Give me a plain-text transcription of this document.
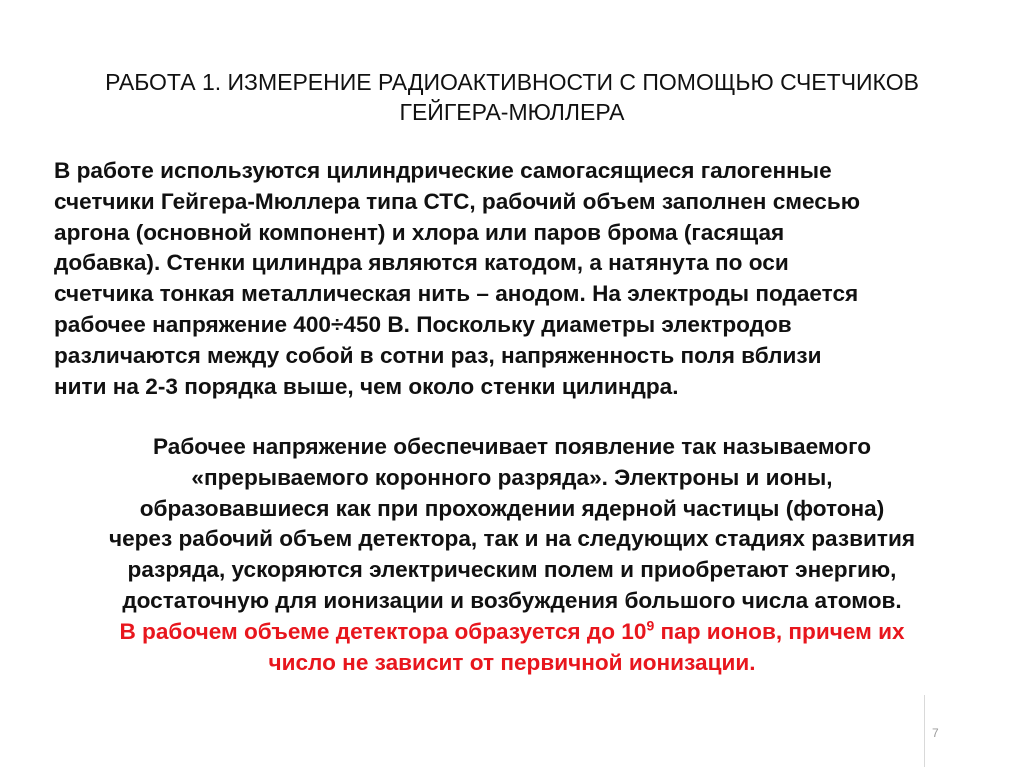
РАБОТА 1. ИЗМЕРЕНИЕ РАДИОАКТИВНОСТИ С ПОМОЩЬЮ СЧЕТЧИКОВ
ГЕЙГЕРА-МЮЛЛЕРА
В работе используются цилиндрические самогасящиеся галогенные
счетчики Гейгера-Мюллера типа СТС, рабочий объем заполнен смесью
аргона (основной компонент) и хлора или паров брома (гасящая
добавка). Стенки цилиндра являются катодом, а натянута по оси
счетчика тонкая металлическая нить – анодом. На электроды подается
рабочее напряжение 400÷450 В. Поскольку диаметры электродов
различаются между собой в сотни раз, напряженность поля вблизи
нити на 2-3 порядка выше, чем около стенки цилиндра.
Рабочее напряжение обеспечивает появление так называемого
«прерываемого коронного разряда». Электроны и ионы,
образовавшиеся как при прохождении ядерной частицы (фотона)
через рабочий объем детектора, так и на следующих стадиях развития
разряда, ускоряются электрическим полем и приобретают энергию,
достаточную для ионизации и возбуждения большого числа атомов.
В рабочем объеме детектора образуется до $10^9$ пар ионов, причем их
число не зависит от первичной ионизации.
7
